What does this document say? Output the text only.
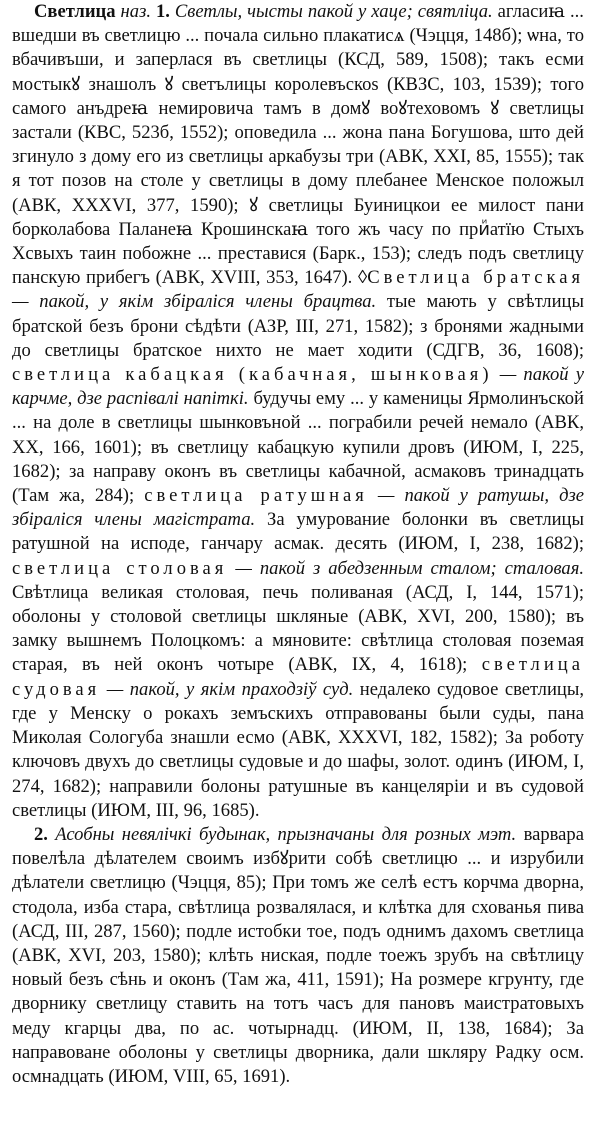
Светлица наз. 1. Светлы, чысты пакой у хаце; святліца. аглаcиꙗ ... вшедши въ светлицю ... почала сильно плакатисѧ (Чэцця, 148б); ѡна, то вбачивъши, и заперлася въ светлицы (КСД, 589, 1508); такъ есми мостыкꙋ знашолъ ꙋ светълицы королевъскоѕ (КВЗС, 103, 1539); того самого анъдреꙗ немировича тамъ в домꙋ воꙋтеховомъ ꙋ светлицы застали (КВС, 523б, 1552); оповедила ... жона пана Богушова, што дей згинуло з дому его из светлицы аркабузы три (АВК, XXI, 85, 1555); так я тот позов на столе у светлицы в дому плебанее Менское положыл (АВК, XXXVI, 377, 1590); ꙋ светлицы Буиницкои ее милост пани борколабова Паланеꙗ Крошинскаꙗ того жъ часу по приꙵатїю Стыхъ Хсвыхъ таин побожне ... преставися (Барк., 153); следъ подъ светлицу панскую прибегъ (АВК, XVIII, 353, 1647). ◊Светлица братская — пакой, у якім збіраліся члены брацтва. тые мають у свѣтлицы братской безъ брони сѣдѣти (АЗР, III, 271, 1582); з бронями жадными до светлицы братское нихто не мает ходити (СДГВ, 36, 1608); светлица кабацкая (кабачная, шынковая) — пакой у карчме, дзе распівалі напіткі. будучы ему ... у каменицы Ярмолинъской ... на доле в светлицы шынковъной ... пограбили речей немало (АВК, XX, 166, 1601); въ светлицу кабацкую купили дровъ (ИЮМ, I, 225, 1682); за направу оконъ въ светлицы кабачной, асмаковъ тринадцать (Там жа, 284); светлица ратушная — пакой у ратушы, дзе збіраліся члены магістрата. За умурование болонки въ светлицы ратушной на исподе, ганчару асмак. десять (ИЮМ, I, 238, 1682); светлица столовая — пакой з абедзенным сталом; сталовая. Свѣтлица великая столовая, печь поливаная (АСД, I, 144, 1571); оболоны у столовой светлицы шкляные (АВК, XVI, 200, 1580); въ замку вышнемъ Полоцкомъ: а мяновите: свѣтлица столовая поземая старая, въ ней оконъ чотыре (АВК, IX, 4, 1618); светлица судовая — пакой, у якім праходзіў суд. недалеко судовое светлицы, где у Менску о рокахъ земъскихъ отправованы были суды, пана Миколая Сологуба знашли есмо (АВК, XXXVI, 182, 1582); За роботу ключовъ двухъ до светлицы судовые и до шафы, золот. одинъ (ИЮМ, I, 274, 1682); направили болоны ратушные въ канцеляріи и въ судовой светлицы (ИЮМ, III, 96, 1685).

2. Асобны невялічкі будынак, прызначаны для розных мэт. варвара повелѣла дѣлателем своимъ избꙋрити собѣ светлицю ... и изрубили дѣлатели светлицю (Чэцця, 85); При томъ же селѣ естъ корчма дворна, стодола, изба стара, свѣтлица розвалялася, и клѣтка для схованья пива (АСД, III, 287, 1560); подле истобки тое, подъ однимъ дахомъ светлица (АВК, XVI, 203, 1580); клѣть ниская, подле тоежъ зрубъ на свѣтлицу новый безъ сѣнь и оконъ (Там жа, 411, 1591); На розмере кгрунту, где дворнику светлицу ставить на тотъ часъ для пановъ маистратовыхъ меду кгарцы два, по ас. чотырнадц. (ИЮМ, II, 138, 1684); За направоване оболоны у светлицы дворника, дали шкляру Радку осм. осмнадцать (ИЮМ, VIII, 65, 1691).
